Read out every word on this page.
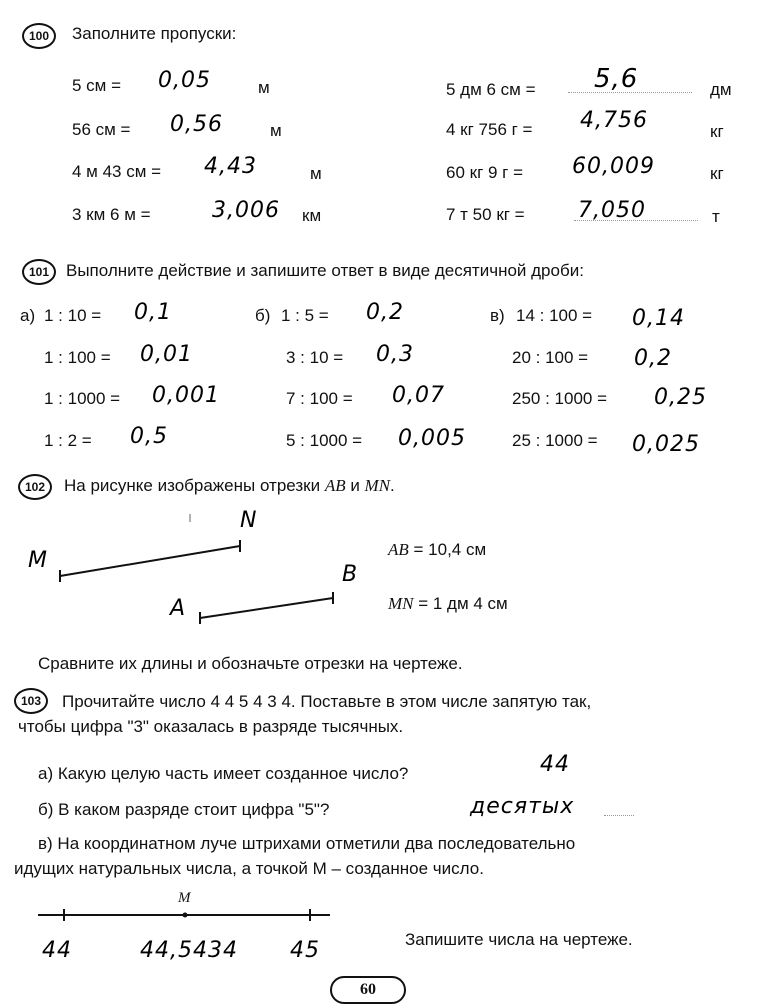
100	Заполните пропуски:
5 см = 0,05	м
56 см = 0,56	м
4 м 43 см = 4,43	м
3 км 6 м =	3,006 км
5 дм 6 см = 5,6	дм
4 кг 756 г = 4,756	кг
60 кг 9 г = 60,009	кг
7 т 50 кг = 7,050	т
101 Выполните действие и запишите ответ в виде десятичной дроби:
а)	б)	в)
1 : 10 = 0,1
1 : 100 = 0,01
1 : 1000 = 0,001
1 : 2 = 0,5
1 : 5 = 0,2
3 : 10 = 0,3
7 : 100 = 0,07
5 : 1000 = 0,005
14 : 100 = 0,14
20 : 100 = 0,2
250 : 1000 = 0,25
25 : 1000 = 0,025
102	На рисунке изображены отрезки AB и MN.
M
N
A
B
AB = 10,4 см
MN = 1 дм 4 см
Сравните их длины и обозначьте отрезки на чертеже.
103	Прочитайте число 4 4 5 4 3 4. Поставьте в этом числе запятую так,
чтобы цифра "3" оказалась в разряде тысячных.
а) Какую целую часть имеет созданное число?	44
б) В каком разряде стоит цифра "5"?	десятых
в) На координатном луче штрихами отметили два последовательно
идущих натуральных числа, а точкой М – созданное число.
M
44	44,5434 45	Запишите числа на чертеже.
60
